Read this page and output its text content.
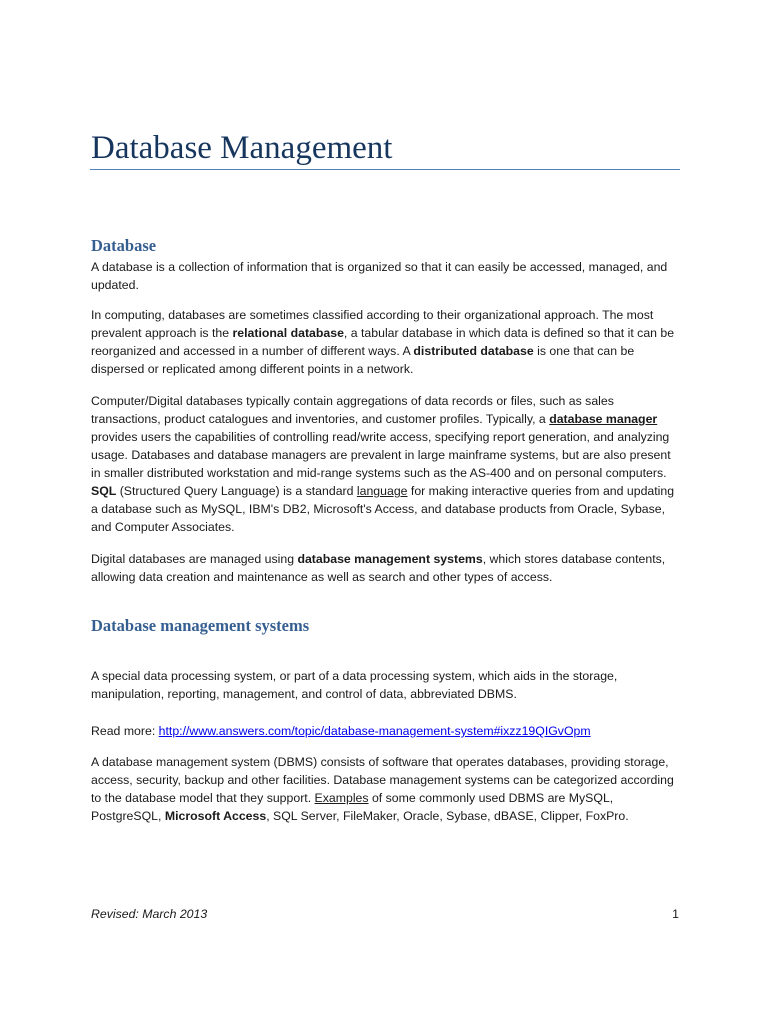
Database Management
Database

A database is a collection of information that is organized so that it can easily be accessed, managed, and updated.

In computing, databases are sometimes classified according to their organizational approach. The most prevalent approach is the relational database, a tabular database in which data is defined so that it can be reorganized and accessed in a number of different ways. A distributed database is one that can be dispersed or replicated among different points in a network.

Computer/Digital databases typically contain aggregations of data records or files, such as sales transactions, product catalogues and inventories, and customer profiles. Typically, a database manager provides users the capabilities of controlling read/write access, specifying report generation, and analyzing usage. Databases and database managers are prevalent in large mainframe systems, but are also present in smaller distributed workstation and mid-range systems such as the AS-400 and on personal computers. SQL (Structured Query Language) is a standard language for making interactive queries from and updating a database such as MySQL, IBM's DB2, Microsoft's Access, and database products from Oracle, Sybase, and Computer Associates.

Digital databases are managed using database management systems, which stores database contents, allowing data creation and maintenance as well as search and other types of access.

Database management systems

A special data processing system, or part of a data processing system, which aids in the storage, manipulation, reporting, management, and control of data, abbreviated DBMS.

Read more: http://www.answers.com/topic/database-management-system#ixzz19QIGvOpm

A database management system (DBMS) consists of software that operates databases, providing storage, access, security, backup and other facilities. Database management systems can be categorized according to the database model that they support. Examples of some commonly used DBMS are MySQL, PostgreSQL, Microsoft Access, SQL Server, FileMaker, Oracle, Sybase, dBASE, Clipper, FoxPro.

Revised: March 2013	1
